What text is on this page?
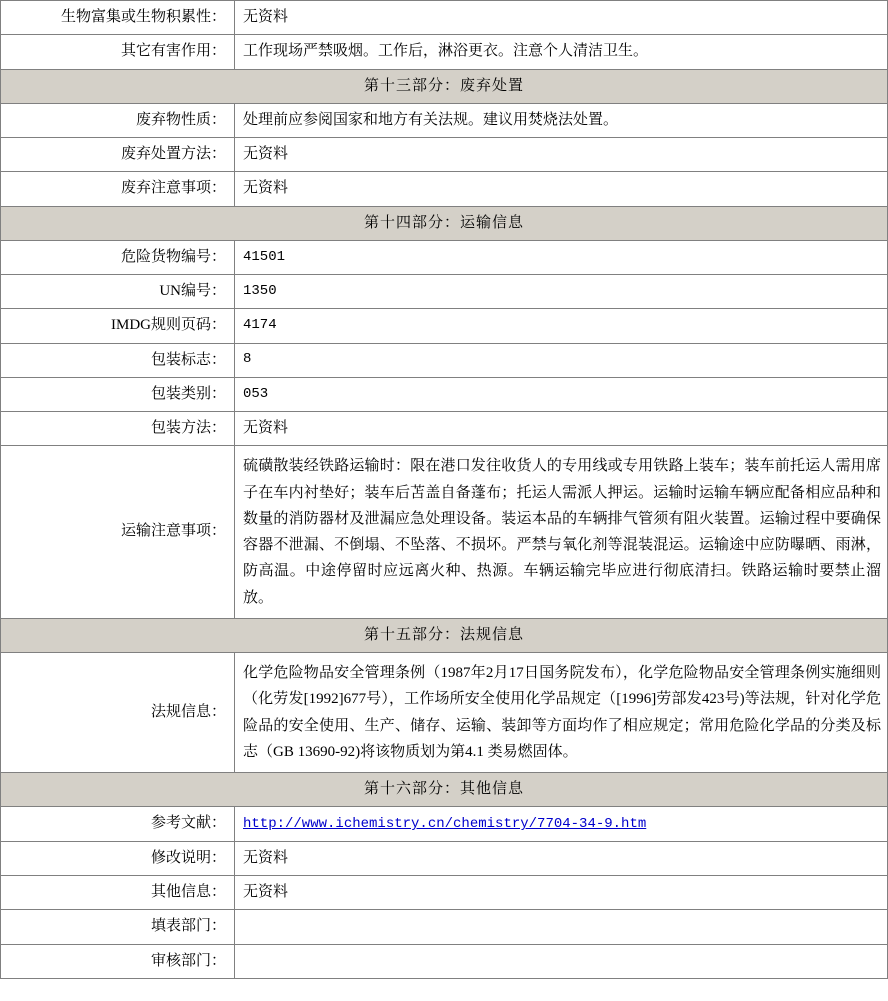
生物富集或生物积累性：	无资料
其它有害作用：	工作现场严禁吸烟。工作后，淋浴更衣。注意个人清洁卫生。
第十三部分：废弃处置	
废弃物性质：	处理前应参阅国家和地方有关法规。建议用焚烧法处置。
废弃处置方法：	无资料
废弃注意事项：	无资料
第十四部分：运输信息	
危险货物编号：	41501
UN编号：	1350
IMDG规则页码：	4174
包装标志：	8
包装类别：	053
包装方法：	无资料
运输注意事项：	硫磺散装经铁路运输时：限在港口发往收货人的专用线或专用铁路上装车；装车前托运人需用席子在车内衬垫好；装车后苫盖自备蓬布；托运人需派人押运。运输时运输车辆应配备相应品种和数量的消防器材及泄漏应急处理设备。装运本品的车辆排气管须有阻火装置。运输过程中要确保容器不泄漏、不倒塌、不坠落、不损坏。严禁与氧化剂等混装混运。运输途中应防曝晒、雨淋，防高温。中途停留时应远离火种、热源。车辆运输完毕应进行彻底清扫。铁路运输时要禁止溜放。
第十五部分：法规信息	
法规信息：	化学危险物品安全管理条例（1987年2月17日国务院发布），化学危险物品安全管理条例实施细则（化劳发[1992]677号），工作场所安全使用化学品规定（[1996]劳部发423号)等法规，针对化学危险品的安全使用、生产、储存、运输、装卸等方面均作了相应规定；常用危险化学品的分类及标志（GB 13690-92)将该物质划为第4.1 类易燃固体。
第十六部分：其他信息	
参考文献：	http://www.ichemistry.cn/chemistry/7704-34-9.htm
修改说明：	无资料
其他信息：	无资料
填表部门：	
审核部门：	
